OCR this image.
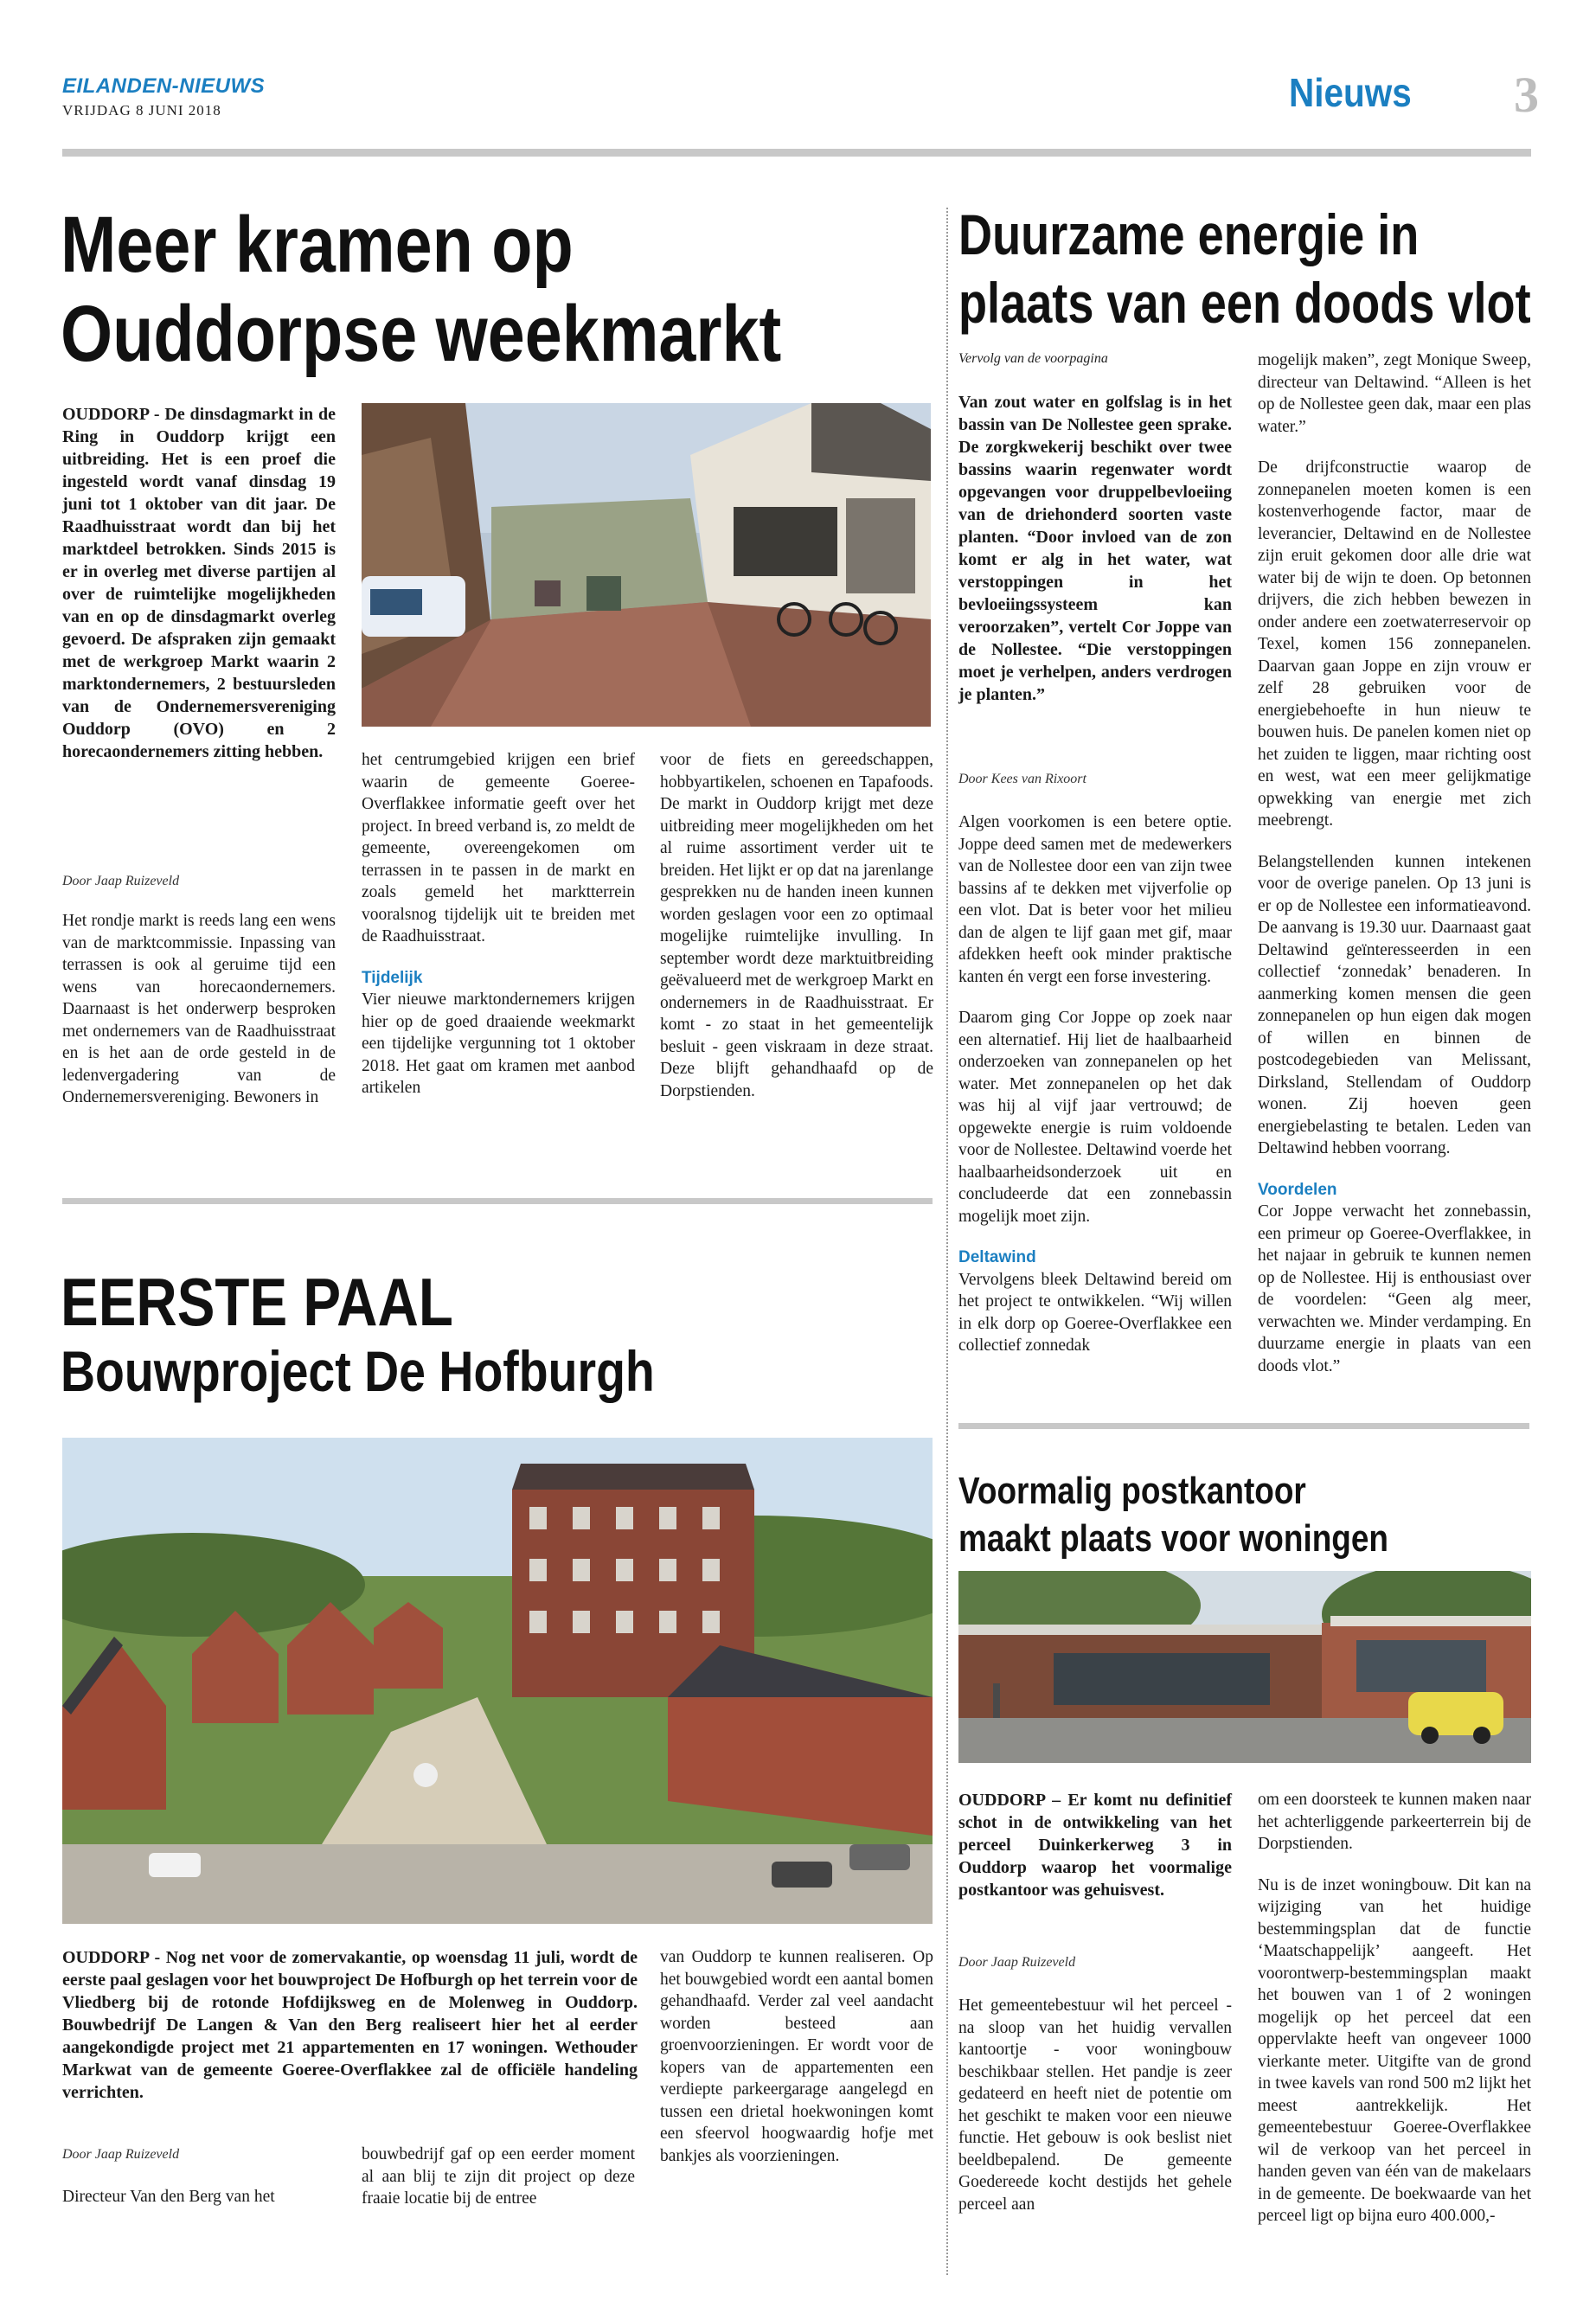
EILANDEN-NIEUWS
VRIJDAG 8 JUNI 2018	Nieuws 3
Meer kramen op
Ouddorpse weekmarkt
OUDDORP - De dinsdagmarkt in de Ring in Ouddorp krijgt een uitbreiding. Het is een proef die ingesteld wordt vanaf dinsdag 19 juni tot 1 oktober van dit jaar. De Raadhuisstraat wordt dan bij het marktdeel betrokken. Sinds 2015 is er in overleg met diverse partijen al over de ruimtelijke mogelijkheden van en op de dinsdagmarkt overleg gevoerd. De afspraken zijn gemaakt met de werkgroep Markt waarin 2 marktondernemers, 2 bestuursleden van de Ondernemersvereniging Ouddorp (OVO) en 2 horecaondernemers zitting hebben.
Door Jaap Ruizeveld
Het rondje markt is reeds lang een wens van de marktcommissie. Inpassing van terrassen is ook al geruime tijd een wens van horecaondernemers. Daarnaast is het onderwerp besproken met ondernemers van de Raadhuisstraat en is het aan de orde gesteld in de ledenvergadering van de Ondernemersvereniging. Bewoners in
het centrumgebied krijgen een brief waarin de gemeente Goeree-Overflakkee informatie geeft over het project. In breed verband is, zo meldt de gemeente, overeengekomen om terrassen in te passen in de markt en zoals gemeld het marktterrein vooralsnog tijdelijk uit te breiden met de Raadhuisstraat.
Tijdelijk
Vier nieuwe marktondernemers krijgen hier op de goed draaiende weekmarkt een tijdelijke vergunning tot 1 oktober 2018. Het gaat om kramen met aanbod artikelen
voor de fiets en gereedschappen, hobbyartikelen, schoenen en Tapafoods. De markt in Ouddorp krijgt met deze uitbreiding meer mogelijkheden om het al ruime assortiment verder uit te breiden. Het lijkt er op dat na jarenlange gesprekken nu de handen ineen kunnen worden geslagen voor een zo optimaal mogelijke ruimtelijke invulling. In september wordt deze marktuitbreiding geëvalueerd met de werkgroep Markt en ondernemers in de Raadhuisstraat. Er komt - zo staat in het gemeentelijk besluit - geen viskraam in deze straat. Deze blijft gehandhaafd op de Dorpstienden.
EERSTE PAAL
Bouwproject De Hofburgh
OUDDORP - Nog net voor de zomervakantie, op woensdag 11 juli, wordt de eerste paal geslagen voor het bouwproject De Hofburgh op het terrein voor de Vliedberg bij de rotonde Hofdijksweg en de Molenweg in Ouddorp. Bouwbedrijf De Langen & Van den Berg realiseert hier het al eerder aangekondigde project met 21 appartementen en 17 woningen. Wethouder Markwat van de gemeente Goeree-Overflakkee zal de officiële handeling verrichten.
Door Jaap Ruizeveld
Directeur Van den Berg van het
bouwbedrijf gaf op een eerder moment al aan blij te zijn dit project op deze fraaie locatie bij de entree
van Ouddorp te kunnen realiseren. Op het bouwgebied wordt een aantal bomen gehandhaafd. Verder zal veel aandacht worden besteed aan groenvoorzieningen. Er wordt voor de kopers van de appartementen een verdiepte parkeergarage aangelegd en tussen een drietal hoekwoningen komt een sfeervol hoogwaardig hofje met bankjes als voorzieningen.
Duurzame energie in
plaats van een doods vlot
Vervolg van de voorpagina
Van zout water en golfslag is in het bassin van De Nollestee geen sprake. De zorgkwekerij beschikt over twee bassins waarin regenwater wordt opgevangen voor druppelbevloeiing van de driehonderd soorten vaste planten. “Door invloed van de zon komt er alg in het water, wat verstoppingen in het bevloeiingssysteem kan veroorzaken”, vertelt Cor Joppe van de Nollestee. “Die verstoppingen moet je verhelpen, anders verdrogen je planten.”
Door Kees van Rixoort

Algen voorkomen is een betere optie. Joppe deed samen met de medewerkers van de Nollestee door een van zijn twee bassins af te dekken met vijverfolie op een vlot. Dat is beter voor het milieu dan de algen te lijf gaan met gif, maar afdekken heeft ook minder praktische kanten én vergt een forse investering.

Daarom ging Cor Joppe op zoek naar een alternatief. Hij liet de haalbaarheid onderzoeken van zonnepanelen op het water. Met zonnepanelen op het dak was hij al vijf jaar vertrouwd; de opgewekte energie is ruim voldoende voor de Nollestee. Deltawind voerde het haalbaarheidsonderzoek uit en concludeerde dat een zonnebassin mogelijk moet zijn.

Deltawind
Vervolgens bleek Deltawind bereid om het project te ontwikkelen. “Wij willen in elk dorp op Goeree-Overflakkee een collectief zonnedak

mogelijk maken”, zegt Monique Sweep, directeur van Deltawind. “Alleen is het op de Nollestee geen dak, maar een plas water.”

De drijfconstructie waarop de zonnepanelen moeten komen is een kostenverhogende factor, maar de leverancier, Deltawind en de Nollestee zijn eruit gekomen door alle drie wat water bij de wijn te doen. Op betonnen drijvers, die zich hebben bewezen in onder andere een zoetwaterreservoir op Texel, komen 156 zonnepanelen. Daarvan gaan Joppe en zijn vrouw er zelf 28 gebruiken voor de energiebehoefte in hun nieuw te bouwen huis. De panelen komen niet op het zuiden te liggen, maar richting oost en west, wat een meer gelijkmatige opwekking van energie met zich meebrengt.

Belangstellenden kunnen intekenen voor de overige panelen. Op 13 juni is er op de Nollestee een informatieavond. De aanvang is 19.30 uur. Daarnaast gaat Deltawind geïnteresseerden in een collectief ‘zonnedak’ benaderen. In aanmerking komen mensen die geen zonnepanelen op hun eigen dak mogen of willen en binnen de postcodegebieden van Melissant, Dirksland, Stellendam of Ouddorp wonen. Zij hoeven geen energiebelasting te betalen. Leden van Deltawind hebben voorrang.

Voordelen
Cor Joppe verwacht het zonnebassin, een primeur op Goeree-Overflakkee, in het najaar in gebruik te kunnen nemen op de Nollestee. Hij is enthousiast over de voordelen: “Geen alg meer, verwachten we. Minder verdamping. En duurzame energie in plaats van een doods vlot.”
Voormalig postkantoor
maakt plaats voor woningen
OUDDORP – Er komt nu definitief schot in de ontwikkeling van het perceel Duinkerkerweg 3 in Ouddorp waarop het voormalige postkantoor was gehuisvest.
Door Jaap Ruizeveld
Het gemeentebestuur wil het perceel - na sloop van het huidig vervallen kantoortje - voor woningbouw beschikbaar stellen. Het pandje is zeer gedateerd en heeft niet de potentie om het geschikt te maken voor een nieuwe functie. Het gebouw is ook beslist niet beeldbepalend. De gemeente Goedereede kocht destijds het gehele perceel aan

om een doorsteek te kunnen maken naar het achterliggende parkeerterrein bij de Dorpstienden.

Nu is de inzet woningbouw. Dit kan na wijziging van het huidige bestemmingsplan dat de functie ‘Maatschappelijk’ aangeeft. Het voorontwerp-bestemmingsplan maakt het bouwen van 1 of 2 woningen mogelijk op het perceel dat een oppervlakte heeft van ongeveer 1000 vierkante meter. Uitgifte van de grond in twee kavels van rond 500 m2 lijkt het meest aantrekkelijk. Het gemeentebestuur Goeree-Overflakkee wil de verkoop van het perceel in handen geven van één van de makelaars in de gemeente. De boekwaarde van het perceel ligt op bijna euro 400.000,-
